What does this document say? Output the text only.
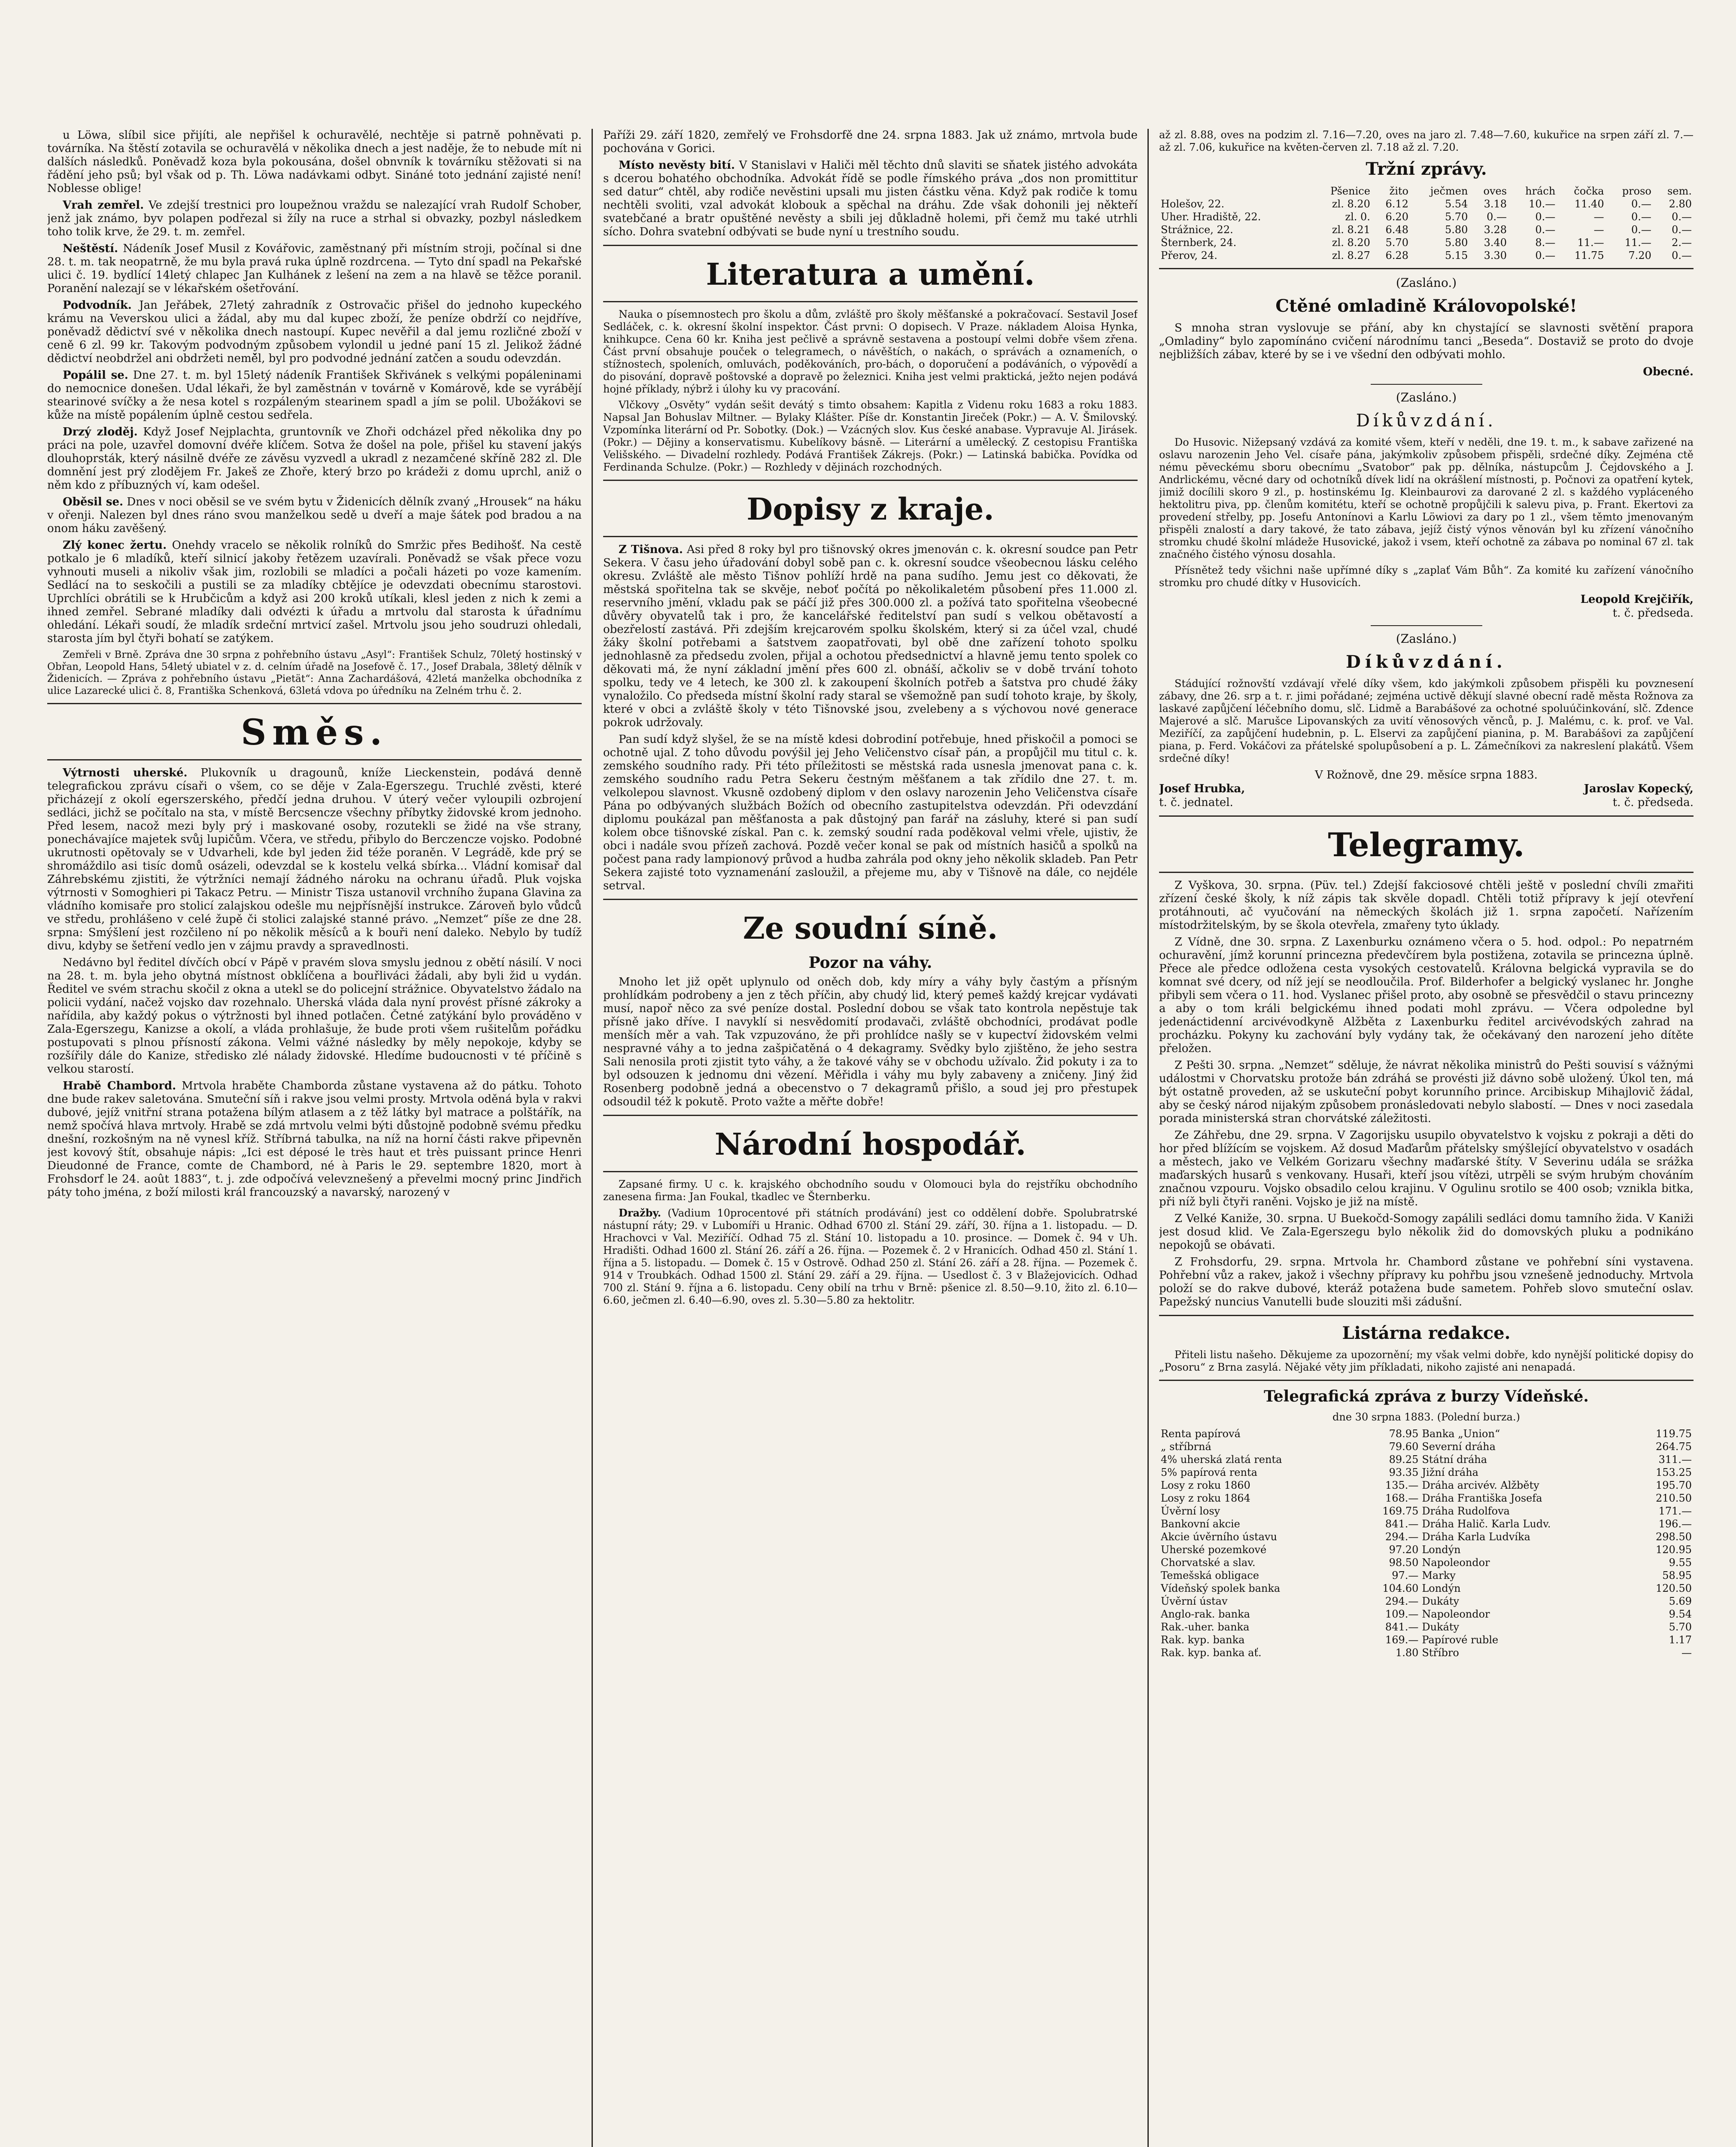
u Löwa, slíbil sice přijíti, ale nepřišel k ochuravělé, nechtěje si patrně pohněvati p. továrníka. Na štěstí zotavila se ochuravělá v několika dnech a jest naděje, že to nebude mít ni dalších následků. Poněvadž koza byla pokousána, došel obnvník k továrníku stěžovati si na řádění jeho psů; byl však od p. Th. Löwa nadávkami odbyt. Sináné toto jednání zajisté není! Noblesse oblige!

Vrah zemřel. Ve zdejší trestnici pro loupežnou vraždu se nalezající vrah Rudolf Schober, jenž jak známo, byv polapen podřezal si žíly na ruce a strhal si obvazky, pozbyl následkem toho tolik krve, že 29. t. m. zemřel.

Neštěstí. Nádeník Josef Musil z Kovářovic, zaměstnaný při místním stroji, počínal si dne 28. t. m. tak neopatrně, že mu byla pravá ruka úplně rozdrcena. — Tyto dní spadl na Pekařské ulici č. 19. bydlící 14letý chlapec Jan Kulhánek z lešení na zem a na hlavě se těžce poranil. Poranění nalezají se v lékařském ošetřování.

Podvodník. Jan Jeřábek, 27letý zahradník z Ostrovačic přišel do jednoho kupeckého krámu na Veverskou ulici a žádal, aby mu dal kupec zboží, že peníze obdrží co nejdříve, poněvadž dědictví své v několika dnech nastoupí. Kupec nevěřil a dal jemu rozličné zboží v ceně 6 zl. 99 kr. Takovým podvodným způsobem vylondil u jedné paní 15 zl. Jelikož žádné dědictví neobdržel ani obdržeti nemě̌l, byl pro podvodné jednání zatčen a soudu odevzdán.

Popálil se. Dne 27. t. m. byl 15letý nádeník František Skřivánek s velkými popáleninami do nemocnice donešen. Udal lékaři, že byl zaměstnán v továrně v Komárově, kde se vyrábějí stearinové svíčky a že nesa kotel s rozpáleným stearinem spadl a jím se polil. Ubožákovi se kůže na místě popálením úplně cestou sedřela.

Drzý zloděj. Když Josef Nejplachta, gruntovník ve Zhoři odcházel před několika dny po práci na pole, uzavřel domovní dvéře klíčem. Sotva že došel na pole, přišel ku stavení jakýs dlouhoprsták, který násilně dvéře ze závěsu vyzvedl a ukradl z nezamčené skříně 282 zl. Dle domnění jest prý zlodějem Fr. Jakeš ze Zhoře, který brzo po krádeži z domu uprchl, aniž o něm kdo z příbuzných ví, kam odešel.

Oběsil se. Dnes v noci oběsil se ve svém bytu v Židenicích dělník zvaný „Hrousek“ na háku v ořenji. Nalezen byl dnes ráno svou manželkou sedě u dveří a maje šátek pod bradou a na onom háku zavěšený.

Zlý konec žertu. Onehdy vracelo se několik rolníků do Smržic přes Bedihošť. Na cestě potkalo je 6 mladíků, kteří silnicí jakoby řetězem uzavírali. Poněvadž se však přece vozu vyhnouti museli a nikoliv však jim, rozlobili se mladíci a počali házeti po voze kamením. Sedlácí na to seskočili a pustili se za mladíky cbtějíce je odevzdati obecnímu starostovi. Uprchlíci obrátili se k Hrubčicům a když asi 200 kroků utíkali, klesl jeden z nich k zemi a ihned zemřel. Sebrané mladíky dali odvézti k úřadu a mrtvolu dal starosta k úřadnímu ohledání. Lékaři soudí, že mladík srdeční mrtvicí zašel. Mrtvolu jsou jeho soudruzi ohledali, starosta jím byl čtyři bohatí se zatýkem.

Zemřeli v Brně. Zpráva dne 30 srpna z pohřebního ústavu „Asyl“: František Schulz, 70letý hostinský v Obřan, Leopold Hans, 54letý ubiatel v z. d. celním úřadě na Josefově č. 17., Josef Drabala, 38letý dělník v Židenicích. — Zpráva z pohřebního ústavu „Pietät“: Anna Zachardášová, 42letá manželka obchodníka z ulice Lazarecké ulici č. 8, Františka Schenková, 63letá vdova po úředníku na Zelném trhu č. 2.

Směs.

Výtrnosti uherské. Plukovník u dragounů, kníže Lieckenstein, podává denně telegrafickou zprávu císaři o všem, co se děje v Zala-Egerszegu. Truchlé zvěsti, které přicházejí z okolí egerszerského, předčí jedna druhou. V úterý večer vyloupili ozbrojení sedláci, jichž se počítalo na sta, v místě Bercsencze všechny příbytky židovské krom jednoho. Před lesem, nacož mezi byly prý i maskované osoby, rozutekli se židé na vše strany, ponechávajíce majetek svůj lupičům. Včera, ve středu, přibylo do Berczencze vojsko. Podobné ukrutnosti opětovaly se v Udvarheli, kde byl jeden žid téže poraněn. V Legrádě, kde prý se shromáždilo asi tisíc domů osázeli, odevzdal se k kostelu velká sbírka... Vládní komisař dal Záhrebskému zjistiti, že výtržníci nemají žádného nároku na ochranu úřadů. Pluk vojska výtrnosti v Somoghieri pi Takacz Petru. — Ministr Tisza ustanovil vrchního župana Glavina za vládního komisaře pro stolicí zalajskou odešle mu nejpřísnější instrukce. Zároveň bylo vůdců ve středu, prohlášeno v celé župě či stolici zalajské stanné právo. „Nemzet“ píše ze dne 28. srpna: Smýšlení jest rozčileno ní po několik měsíců a k bouři není daleko. Nebylo by tudíž divu, kdyby se šetření vedlo jen v zájmu pravdy a spravedlnosti.

Nedávno byl ředitel dívčích obcí v Pápě v pravém slova smyslu jednou z obětí násilí. V noci na 28. t. m. byla jeho obytná místnost obklíčena a bouřliváci žádali, aby byli žid u vydán. Ředitel ve svém strachu skočil z okna a utekl se do policejní strážnice. Obyvatelstvo žádalo na policii vydání, načež vojsko dav rozehnalo. Uherská vláda dala nyní provést přísné zákroky a nařídila, aby každý pokus o výtržnosti byl ihned potlačen. Četné zatýkání bylo prováděno v Zala-Egerszegu, Kanizse a okolí, a vláda prohlašuje, že bude proti všem rušitelům pořádku postupovati s plnou přísností zákona. Velmi vážné následky by měly nepokoje, kdyby se rozšířily dále do Kanize, středisko zlé nálady židovské. Hledíme budoucnosti v té příčině s velkou starostí.

Hrabě Chambord. Mrtvola hraběte Chamborda zůstane vystavena až do pátku. Tohoto dne bude rakev saletována. Smuteční síň i rakve jsou velmi prosty. Mrtvola oděná byla v rakvi dubové, jejíž vnitřní strana potažena bílým atlasem a z těž látky byl matrace a polštářík, na nemž spočívá hlava mrtvoly. Hrabě se zdá mrtvolu velmi býti důstojně podobně svému předku dnešní, rozkošným na ně vynesl kříž. Stříbrná tabulka, na níž na horní části rakve připevněn jest kovový štít, obsahuje nápis: „Ici est déposé le très haut et très puissant prince Henri Dieudonné de France, comte de Chambord, né à Paris le 29. septembre 1820, mort à Frohsdorf le 24. août 1883“, t. j. zde odpočívá velevznešený a převelmi mocný princ Jindřich páty toho jména, z boží milosti král francouzský a navarský, narozený v

Paříži 29. září 1820, zemřelý ve Frohsdorfě dne 24. srpna 1883. Jak už známo, mrtvola bude pochována v Gorici.

Místo nevěsty bití. V Stanislavi v Haliči měl těchto dnů slaviti se sňatek jistého advokáta s dcerou bohatého obchodníka. Advokát řídě se podle římského práva „dos non promittitur sed datur“ chtěl, aby rodiče nevěstini upsali mu jisten částku věna. Když pak rodiče k tomu nechtěli svoliti, vzal advokát klobouk a spěchal na dráhu. Zde však dohonili jej někteří svatebčané a bratr opuštěné nevěsty a sbili jej důkladně holemi, při čemž mu také utrhli sícho. Dohra svatební odbývati se bude nyní u trestního soudu.

Literatura a umění.

Nauka o písemnostech pro školu a dům, zvláště pro školy měšťanské a pokračovací. Sestavil Josef Sedláček, c. k. okresní školní inspektor. Část prvni: O dopisech. V Praze. nákladem Aloisa Hynka, knihkupce. Cena 60 kr. Kniha jest pečlivě a správně sestavena a postoupí velmi dobře všem zřena. Část první obsahuje pouček o telegramech, o návěštích, o nakách, o správách a oznameních, o stížnostech, spoleních, omluvách, poděkováních, pro-bách, o doporučení a podáváních, o výpovědí a do pisování, dopravě poštovské a dopravě po železnici. Kniha jest velmi praktická, ježto nejen podává hojné příklady, nýbrž i úlohy ku vy pracování.

Vlčkovy „Osvěty“ vydán sešit devátý s timto obsahem: Kapitla z Videnu roku 1683 a roku 1883. Napsal Jan Bohuslav Miltner. — Bylaky Klášter. Píše dr. Konstantin Jireček (Pokr.) — A. V. Šmilovský. Vzpomínka literární od Pr. Sobotky. (Dok.) — Vzácných slov. Kus české anabase. Vypravuje Al. Jirásek. (Pokr.) — Dějiny a konservatismu. Kubelíkovy básně. — Literární a umělecký. Z cestopisu Františka Velišského. — Divadelní rozhledy. Podává František Zákrejs. (Pokr.) — Latinská babička. Povídka od Ferdinanda Schulze. (Pokr.) — Rozhledy v dějinách rozchodných.

Dopisy z kraje.

Z Tišnova. Asi před 8 roky byl pro tišnovský okres jmenován c. k. okresní soudce pan Petr Sekera. V času jeho úřadování dobyl sobě pan c. k. okresní soudce všeobecnou lásku celého okresu. Zvláště ale město Tišnov pohlíží hrdě na pana sudího. Jemu jest co děkovati, že městská spořitelna tak se skvěje, neboť počítá po několikaletém působení přes 11.000 zl. reservního jmění, vkladu pak se páčí již přes 300.000 zl. a požívá tato spořitelna všeobecné důvěry obyvatelů tak i pro, že kancelářské ředitelství pan sudí s velkou obětavostí a obezřelostí zastává. Při zdejším krejcarovém spolku školském, který si za účel vzal, chudé žáky školní potřebami a šatstvem zaopatřovati, byl obě dne zařízení tohoto spolku jednohlasně za předsedu zvolen, přijal a ochotou předsednictví a hlavně jemu tento spolek co děkovati má, že nyní základní jmění přes 600 zl. obnáší, ačkoliv se v době trvání tohoto spolku, tedy ve 4 letech, ke 300 zl. k zakoupení školních potřeb a šatstva pro chudé žáky vynaložilo. Co předseda místní školní rady staral se všemožně pan sudí tohoto kraje, by školy, které v obci a zvláště školy v této Tišnovské jsou, zvelebeny a s výchovou nové generace pokrok udržovaly.

Pan sudí když slyšel, že se na místě kdesi dobrodiní potřebuje, hned přiskočil a pomoci se ochotně ujal. Z toho důvodu povýšil jej Jeho Veličenstvo císař pán, a propůjčil mu titul c. k. zemského soudního rady. Při této příležitosti se městská rada usnesla jmenovat pana c. k. zemského soudního radu Petra Sekeru čestným měšťanem a tak zřídilo dne 27. t. m. velkolepou slavnost. Vkusně ozdobený diplom v den oslavy narozenin Jeho Veličenstva císaře Pána po odbývaných službách Božích od obecního zastupitelstva odevzdán. Při odevzdání diplomu poukázal pan měšťanosta a pak důstojný pan farář na zásluhy, které si pan sudí kolem obce tišnovské získal. Pan c. k. zemský soudní rada poděkoval velmi vřele, ujistiv, že obci i nadále svou přízeň zachová. Pozdě večer konal se pak od místních hasičů a spolků na počest pana rady lampionový průvod a hudba zahrála pod okny jeho několik skladeb. Pan Petr Sekera zajisté toto vyznamenání zasloužil, a přejeme mu, aby v Tišnově na dále, co nejdéle setrval.

Ze soudní síně.
Pozor na váhy.

Mnoho let již opět uplynulo od oněch dob, kdy míry a váhy byly častým a přísným prohlídkám podrobeny a jen z těch příčin, aby chudý lid, který pemeš každý krejcar vydávati musí, napoř něco za své peníze dostal. Poslední dobou se však tato kontrola nepěstuje tak přísně jako dříve. I navyklí si nesvědomití prodavači, zvláště obchodníci, prodávat podle menších měr a vah. Tak vzpuzováno, že při prohlídce našly se v kupectví židovském velmi nespravné váhy a to jedna zašpičatěná o 4 dekagramy. Svědky bylo zjištěno, že jeho sestra Sali nenosila proti zjistit tyto váhy, a že takové váhy se v obchodu užívalo. Žid pokuty i za to byl odsouzen k jednomu dni vězení. Měřidla i váhy mu byly zabaveny a zničeny. Jiný žid Rosenberg podobně jedná a obecenstvo o 7 dekagramů přišlo, a soud jej pro přestupek odsoudil též k pokutě. Proto važte a měřte dobře!

Národní hospodář.

Zapsané firmy. U c. k. krajského obchodního soudu v Olomouci byla do rejstříku obchodního zanesena firma: Jan Foukal, tkadlec ve Šternberku.

Dražby. (Vadium 10procentové při státních prodávání) jest co oddělení dobře. Spolubratrské nástupní ráty; 29. v Lubomíři u Hranic. Odhad 6700 zl. Stání 29. září, 30. října a 1. listopadu. — D. Hrachovci v Val. Meziříčí. Odhad 75 zl. Stání 10. listopadu a 10. prosince. — Domek č. 94 v Uh. Hradišti. Odhad 1600 zl. Stání 26. září a 26. října. — Pozemek č. 2 v Hranicích. Odhad 450 zl. Stání 1. října a 5. listopadu. — Domek č. 15 v Ostrově. Odhad 250 zl. Stání 26. září a 28. října. — Pozemek č. 914 v Troubkách. Odhad 1500 zl. Stání 29. září a 29. října. — Usedlost č. 3 v Blažejovicích. Odhad 700 zl. Stání 9. října a 6. listopadu. Ceny obilí na trhu v Brně: pšenice zl. 8.50—9.10, žito zl. 6.10—6.60, ječmen zl. 6.40—6.90, oves zl. 5.30—5.80 za hektolitr.

až zl. 8.88, oves na podzim zl. 7.16—7.20, oves na jaro zl. 7.48—7.60, kukuřice na srpen září zl. 7.— až zl. 7.06, kukuřice na květen-červen zl. 7.18 až zl. 7.20.

Tržní zprávy.
	Pšenice	žito	ječmen	oves	hrách	čočka	proso	sem.
Holešov, 22.	zl. 8.20	6.12	5.54	3.18	10.—	11.40	0.—	2.80
Uher. Hradiště, 22.	zl. 0.	6.20	5.70	0.—	0.—	—	0.—	0.—
Strážnice, 22.	zl. 8.21	6.48	5.80	3.28	0.—	—	0.—	0.—
Šternberk, 24.	zl. 8.20	5.70	5.80	3.40	8.—	11.—	11.—	2.—
Přerov, 24.	zl. 8.27	6.28	5.15	3.30	0.—	11.75	7.20	0.—
(Zasláno.)
Ctěné omladině Královopolské!

S mnoha stran vyslovuje se přání, aby kn chystající se slavnosti světění prapora „Omladiny“ bylo zapomínáno cvičení národnímu tanci „Beseda“. Dostaviž se proto do dvoje nejbližších zábav, které by se i ve všední den odbývati mohlo.

Obecné.
(Zasláno.)
Díkůvzdání.

Do Husovic. Nižepsaný vzdává za komité všem, kteří v neděli, dne 19. t. m., k sabave zařizené na oslavu narozenin Jeho Vel. císaře pána, jakýmkoliv způsobem přispěli, srdečné díky. Zejména ctě nému pěveckému sboru obecnímu „Svatobor“ pak pp. dělníka, nástupcům J. Čejdovského a J. Andrlickému, věcné dary od ochotníků dívek lidí na okrášlení místnosti, p. Počnovi za opatření kytek, jimiž docílili skoro 9 zl., p. hostinskému Ig. Kleinbaurovi za darované 2 zl. s každého vypláceného hektolitru piva, pp. členům komitétu, kteří se ochotně propůjčili k salevu piva, p. Frant. Ekertovi za provedení střelby, pp. Josefu Antonínovi a Karlu Löwiovi za dary po 1 zl., všem těmto jmenovaným přispěli znalostí a dary takové, že tato zábava, jejíž čistý výnos věnován byl ku zřízení vánočního stromku chudé školní mládeže Husovické, jakož i vsem, kteří ochotně za zábava po nominal 67 zl. tak značného čistého výnosu dosahla.

Přísnětež tedy všichni naše upřímné díky s „zaplať Vám Bůh“. Za komité ku zařízení vánočního stromku pro chudé dítky v Husovicích.

Leopold Krejčiřík,
t. č. předseda.
(Zasláno.)
Díkůvzdání.

Stádující rožnovští vzdávají vřelé díky všem, kdo jakýmkoli způsobem přispěli ku povznesení zábavy, dne 26. srp a t. r. jimi pořádané; zejména uctivě děkují slavné obecní radě města Rožnova za laskavé zapůjčení léčebního domu, slč. Lidmě a Barabášové za ochotné spoluúčinkování, slč. Zdence Majerové a slč. Marušce Lipovanských za uvití věnosových věnců, p. J. Malému, c. k. prof. ve Val. Meziříčí, za zapůjčení hudebnin, p. L. Elservi za zapůjčení pianina, p. M. Barabášovi za zapůjčení piana, p. Ferd. Vokáčovi za přátelské spolupůsobení a p. L. Zámečníkovi za nakreslení plakátů. Všem srdečné díky!

V Rožnově, dne 29. měsíce srpna 1883.
Josef Hrubka,	Jaroslav Kopecký,
t. č. jednatel.	t. č. předseda.
Telegramy.

Z Vyškova, 30. srpna. (Püv. tel.) Zdejší fakciosové chtěli ještě v poslední chvíli zmařiti zřízení české školy, k níž zápis tak skvěle dopadl. Chtěli totiž přípravy k její otevření protáhnouti, ač vyučování na německých školách již 1. srpna započetí. Nařízením místodržitelským, by se škola otevřela, zmařeny tyto úklady.

Z Vídně, dne 30. srpna. Z Laxenburku oznámeno včera o 5. hod. odpol.: Po nepatrném ochuravění, jímž korunní princezna předevčírem byla postižena, zotavila se princezna úplně. Přece ale předce odložena cesta vysokých cestovatelů. Královna belgická vypravila se do komnat své dcery, od níž její se neodloučila. Prof. Bilderhofer a belgický vyslanec hr. Jonghe přibyli sem včera o 11. hod. Vyslanec přišel proto, aby osobně se přesvědčil o stavu princezny a aby o tom králi belgickému ihned podati mohl zprávu. — Včera odpoledne byl jedenáctidenní arcivévodkyně Alžběta z Laxenburku ředitel arcivévodských zahrad na procházku. Pokyny ku zachování byly vydány tak, že očekávaný den narození jeho dítěte přeložen.

Z Pešti 30. srpna. „Nemzet“ sděluje, že návrat několika ministrů do Pešti souvisí s vážnými událostmi v Chorvatsku protože bán zdráhá se provésti již dávno sobě uložený. Úkol ten, má být ostatně proveden, až se uskuteční pobyt korunního prince. Arcibiskup Mihajlovič žádal, aby se český národ nijakým způsobem pronásledovati nebylo slabostí. — Dnes v noci zasedala porada ministerská stran chorvátské záležitosti.

Ze Záhřebu, dne 29. srpna. V Zagorijsku usupilo obyvatelstvo k vojsku z pokraji a děti do hor před blížícím se vojskem. Až dosud Maďarům přátelsky smýšlející obyvatelstvo v osadách a městech, jako ve Velkém Gorizaru všechny maďarské štíty. V Severinu udála se srážka maďarských husarů s venkovany. Husaři, kteří jsou vítězi, utrpěli se svým hrubým chováním značnou vzpouru. Vojsko obsadilo celou krajinu. V Ogulinu srotilo se 400 osob; vznikla bitka, při níž byli čtyři raněni. Vojsko je již na místě.

Z Velké Kaniže, 30. srpna. U Buekočd-Somogy zapálili sedláci domu tamního žida. V Kaniži jest dosud klid. Ve Zala-Egerszegu bylo několik žid do domovských pluku a podnikáno nepokojů se obávati.

Z Frohsdorfu, 29. srpna. Mrtvola hr. Chambord zůstane ve pohřební síni vystavena. Pohřební vůz a rakev, jakož i všechny přípravy ku pohřbu jsou vznešeně jednoduchy. Mrtvola položí se do rakve dubové, kteráž potažena bude sametem. Pohřeb slovo smuteční oslav. Papežský nuncius Vanutelli bude slouziti mši zádušní.

Listárna redakce.

Přiteli listu našeho. Děkujeme za upozornění; my však velmi dobře, kdo nynější politické dopisy do „Posoru“ z Brna zasylá. Nějaké věty jim příkladati, nikoho zajisté ani nenapadá.

Telegrafická zpráva z burzy Vídeňské.
dne 30 srpna 1883. (Polední burza.)
Renta papírová	78.95	Banka „Union“	119.75
„ stříbrná	79.60	Severní dráha	264.75
4% uherská zlatá renta	89.25	Státní dráha	311.—
5% papírová renta	93.35	Jižní dráha	153.25
Losy z roku 1860	135.—	Dráha arcivév. Alžběty	195.70
Losy z roku 1864	168.—	Dráha Františka Josefa	210.50
Úvěrní losy	169.75	Dráha Rudolfova	171.—
Bankovní akcie	841.—	Dráha Halič. Karla Ludv.	196.—
Akcie úvěrního ústavu	294.—	Dráha Karla Ludvíka	298.50
Uherské pozemkové	97.20	Londýn	120.95
Chorvatské a slav.	98.50	Napoleondor	9.55
Temešská obligace	97.—	Marky	58.95
Vídeňský spolek banka	104.60	Londýn	120.50
Úvěrní ústav	294.—	Dukáty	5.69
Anglo-rak. banka	109.—	Napoleondor	9.54
Rak.-uher. banka	841.—	Dukáty	5.70
Rak. kyp. banka	169.—	Papírové ruble	1.17
Rak. kyp. banka ať.	1.80	Stříbro	—
